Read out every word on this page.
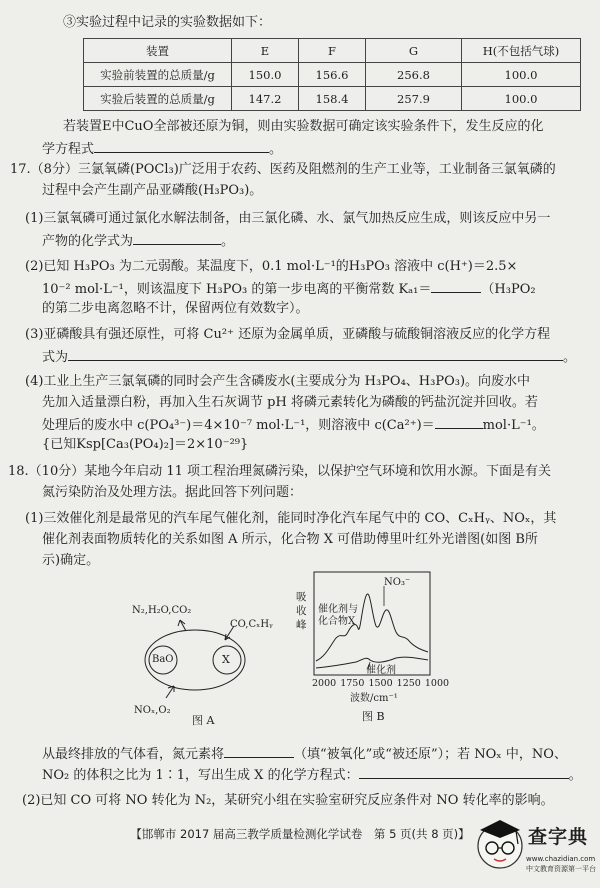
③实验过程中记录的实验数据如下：
装置	E	F	G	H(不包括气球)
实验前装置的总质量/g	150.0	156.6	256.8	100.0
实验后装置的总质量/g	147.2	158.4	257.9	100.0
若装置E中CuO全部被还原为铜，则由实验数据可确定该实验条件下，发生反应的化
学方程式	。
17.（8分）三氯氧磷(POCl₃)广泛用于农药、医药及阻燃剂的生产工业等，工业制备三氯氧磷的
过程中会产生副产品亚磷酸(H₃PO₃)。
(1)三氯氧磷可通过氯化水解法制备，由三氯化磷、水、氯气加热反应生成，则该反应中另一
产物的化学式为	。
(2)已知 H₃PO₃ 为二元弱酸。某温度下，0.1 mol·L⁻¹的H₃PO₃ 溶液中 c(H⁺)＝2.5×
10⁻² mol·L⁻¹，则该温度下 H₃PO₃ 的第一步电离的平衡常数 Kₐ₁＝	（H₃PO₂
的第二步电离忽略不计，保留两位有效数字）。
(3)亚磷酸具有强还原性，可将 Cu²⁺ 还原为金属单质，亚磷酸与硫酸铜溶液反应的化学方程
式为	。
(4)工业上生产三氯氧磷的同时会产生含磷废水(主要成分为 H₃PO₄、H₃PO₃)。向废水中
先加入适量漂白粉，再加入生石灰调节 pH 将磷元素转化为磷酸的钙盐沉淀并回收。若
处理后的废水中 c(PO₄³⁻)＝4×10⁻⁷ mol·L⁻¹，则溶液中 c(Ca²⁺)＝	mol·L⁻¹。
{已知Ksp[Ca₃(PO₄)₂]＝2×10⁻²⁹}
18.（10分）某地今年启动 11 项工程治理氮磷污染，以保护空气环境和饮用水源。下面是有关
氮污染防治及处理方法。据此回答下列问题：
(1)三效催化剂是最常见的汽车尾气催化剂，能同时净化汽车尾气中的 CO、CₓHᵧ、NOₓ，其
催化剂表面物质转化的关系如图 A 所示，化合物 X 可借助傅里叶红外光谱图(如图 B所
示)确定。
N₂,H₂O,CO₂
CO,CₓHᵧ
BaO	X
NOₓ,O₂
图 A
吸收峰
NO₃⁻
催化剂与化合物X
催化剂
2000 1750 1500 1250 1000
波数/cm⁻¹
图 B
从最终排放的气体看，氮元素将	（填“被氧化”或“被还原”）；若 NOₓ 中，NO、
NO₂ 的体积之比为 1∶1，写出生成 X 的化学方程式：	。
(2)已知 CO 可将 NO 转化为 N₂，某研究小组在实验室研究反应条件对 NO 转化率的影响。
【邯郸市 2017 届高三教学质量检测化学试卷　第 5 页(共 8 页)】	查字典
www.chazidian.com
中文教育资源第一平台
